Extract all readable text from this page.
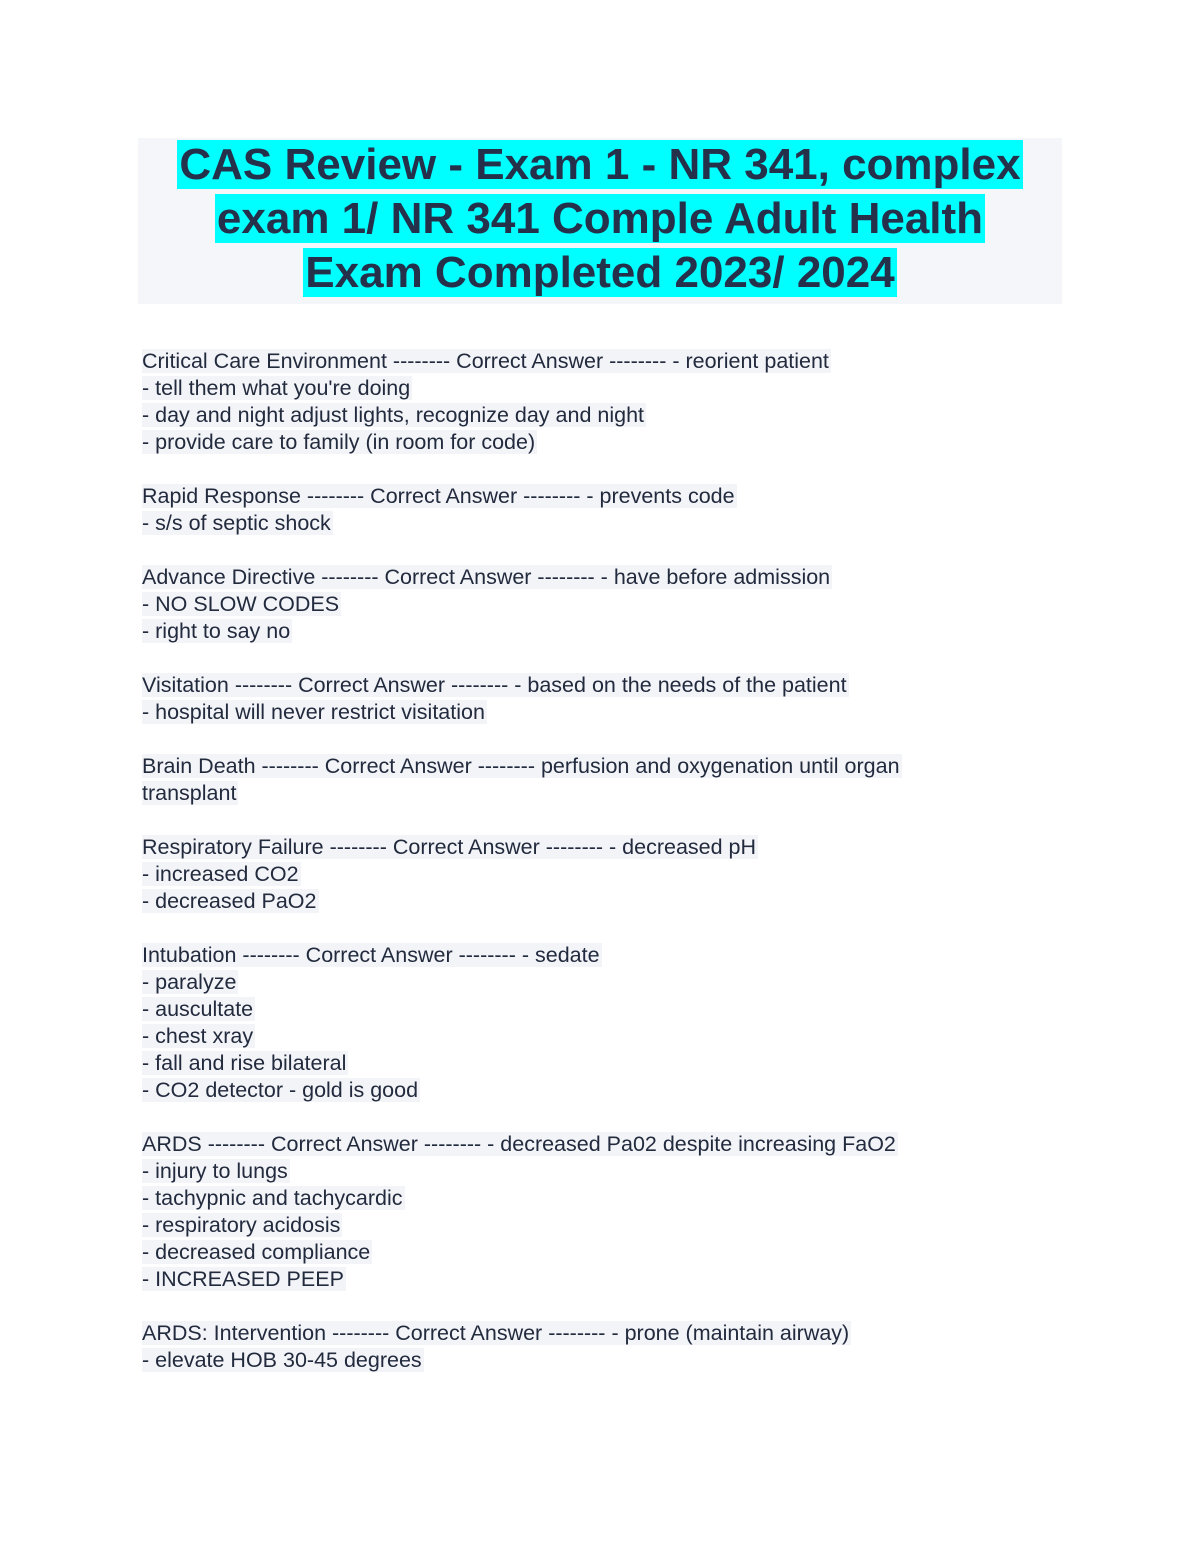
CAS Review - Exam 1 - NR 341, complex
exam 1/ NR 341 Comple Adult Health
Exam Completed 2023/ 2024
Critical Care Environment -------- Correct Answer -------- - reorient patient
- tell them what you're doing
- day and night adjust lights, recognize day and night
- provide care to family (in room for code)
Rapid Response -------- Correct Answer -------- - prevents code
- s/s of septic shock
Advance Directive -------- Correct Answer -------- - have before admission
- NO SLOW CODES
- right to say no
Visitation -------- Correct Answer -------- - based on the needs of the patient
- hospital will never restrict visitation
Brain Death -------- Correct Answer -------- perfusion and oxygenation until organ
transplant
Respiratory Failure -------- Correct Answer -------- - decreased pH
- increased CO2
- decreased PaO2
Intubation -------- Correct Answer -------- - sedate
- paralyze
- auscultate
- chest xray
- fall and rise bilateral
- CO2 detector - gold is good
ARDS -------- Correct Answer -------- - decreased Pa02 despite increasing FaO2
- injury to lungs
- tachypnic and tachycardic
- respiratory acidosis
- decreased compliance
- INCREASED PEEP
ARDS: Intervention -------- Correct Answer -------- - prone (maintain airway)
- elevate HOB 30-45 degrees
